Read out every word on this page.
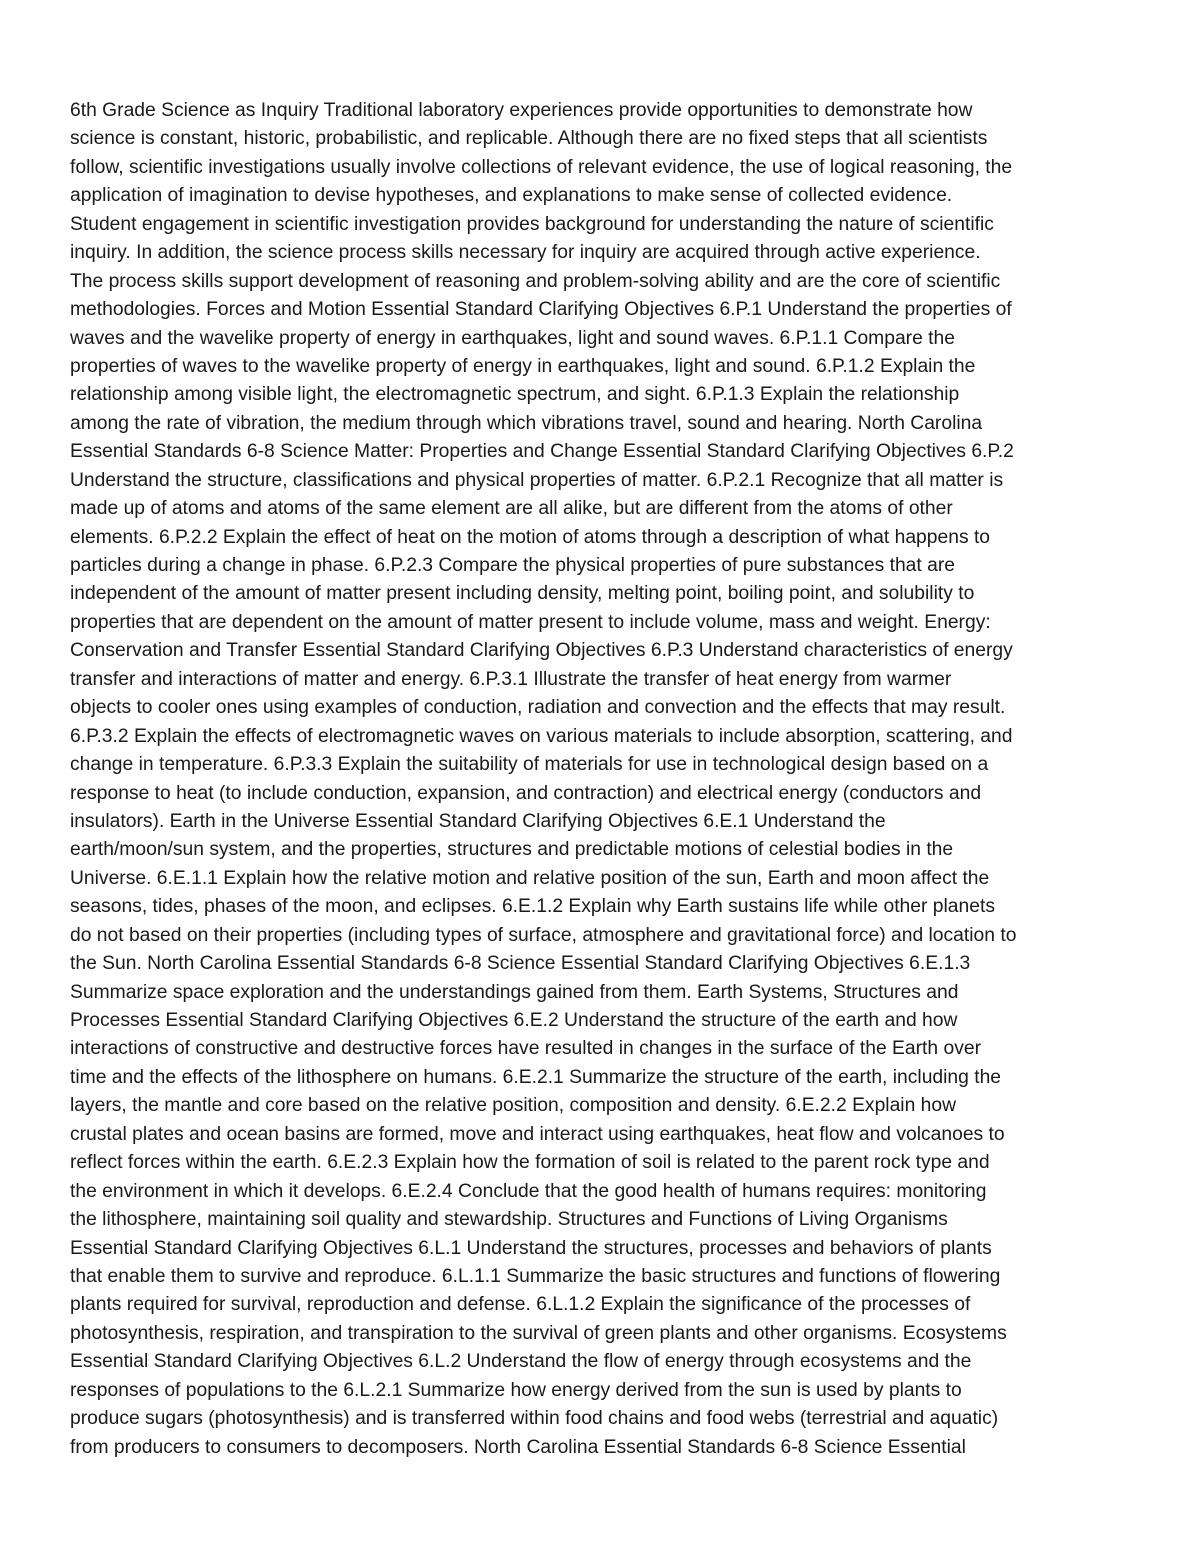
6th Grade Science as Inquiry Traditional laboratory experiences provide opportunities to demonstrate how
science is constant, historic, probabilistic, and replicable. Although there are no fixed steps that all scientists
follow, scientific investigations usually involve collections of relevant evidence, the use of logical reasoning, the
application of imagination to devise hypotheses, and explanations to make sense of collected evidence.
Student engagement in scientific investigation provides background for understanding the nature of scientific
inquiry. In addition, the science process skills necessary for inquiry are acquired through active experience.
The process skills support development of reasoning and problem-solving ability and are the core of scientific
methodologies. Forces and Motion Essential Standard Clarifying Objectives 6.P.1 Understand the properties of
waves and the wavelike property of energy in earthquakes, light and sound waves. 6.P.1.1 Compare the
properties of waves to the wavelike property of energy in earthquakes, light and sound. 6.P.1.2 Explain the
relationship among visible light, the electromagnetic spectrum, and sight. 6.P.1.3 Explain the relationship
among the rate of vibration, the medium through which vibrations travel, sound and hearing. North Carolina
Essential Standards 6-8 Science Matter: Properties and Change Essential Standard Clarifying Objectives 6.P.2
Understand the structure, classifications and physical properties of matter. 6.P.2.1 Recognize that all matter is
made up of atoms and atoms of the same element are all alike, but are different from the atoms of other
elements. 6.P.2.2 Explain the effect of heat on the motion of atoms through a description of what happens to
particles during a change in phase. 6.P.2.3 Compare the physical properties of pure substances that are
independent of the amount of matter present including density, melting point, boiling point, and solubility to
properties that are dependent on the amount of matter present to include volume, mass and weight. Energy:
Conservation and Transfer Essential Standard Clarifying Objectives 6.P.3 Understand characteristics of energy
transfer and interactions of matter and energy. 6.P.3.1 Illustrate the transfer of heat energy from warmer
objects to cooler ones using examples of conduction, radiation and convection and the effects that may result.
6.P.3.2 Explain the effects of electromagnetic waves on various materials to include absorption, scattering, and
change in temperature. 6.P.3.3 Explain the suitability of materials for use in technological design based on a
response to heat (to include conduction, expansion, and contraction) and electrical energy (conductors and
insulators). Earth in the Universe Essential Standard Clarifying Objectives 6.E.1 Understand the
earth/moon/sun system, and the properties, structures and predictable motions of celestial bodies in the
Universe. 6.E.1.1 Explain how the relative motion and relative position of the sun, Earth and moon affect the
seasons, tides, phases of the moon, and eclipses. 6.E.1.2 Explain why Earth sustains life while other planets
do not based on their properties (including types of surface, atmosphere and gravitational force) and location to
the Sun. North Carolina Essential Standards 6-8 Science Essential Standard Clarifying Objectives 6.E.1.3
Summarize space exploration and the understandings gained from them. Earth Systems, Structures and
Processes Essential Standard Clarifying Objectives 6.E.2 Understand the structure of the earth and how
interactions of constructive and destructive forces have resulted in changes in the surface of the Earth over
time and the effects of the lithosphere on humans. 6.E.2.1 Summarize the structure of the earth, including the
layers, the mantle and core based on the relative position, composition and density. 6.E.2.2 Explain how
crustal plates and ocean basins are formed, move and interact using earthquakes, heat flow and volcanoes to
reflect forces within the earth. 6.E.2.3 Explain how the formation of soil is related to the parent rock type and
the environment in which it develops. 6.E.2.4 Conclude that the good health of humans requires: monitoring
the lithosphere, maintaining soil quality and stewardship. Structures and Functions of Living Organisms
Essential Standard Clarifying Objectives 6.L.1 Understand the structures, processes and behaviors of plants
that enable them to survive and reproduce. 6.L.1.1 Summarize the basic structures and functions of flowering
plants required for survival, reproduction and defense. 6.L.1.2 Explain the significance of the processes of
photosynthesis, respiration, and transpiration to the survival of green plants and other organisms. Ecosystems
Essential Standard Clarifying Objectives 6.L.2 Understand the flow of energy through ecosystems and the
responses of populations to the 6.L.2.1 Summarize how energy derived from the sun is used by plants to
produce sugars (photosynthesis) and is transferred within food chains and food webs (terrestrial and aquatic)
from producers to consumers to decomposers. North Carolina Essential Standards 6-8 Science Essential
